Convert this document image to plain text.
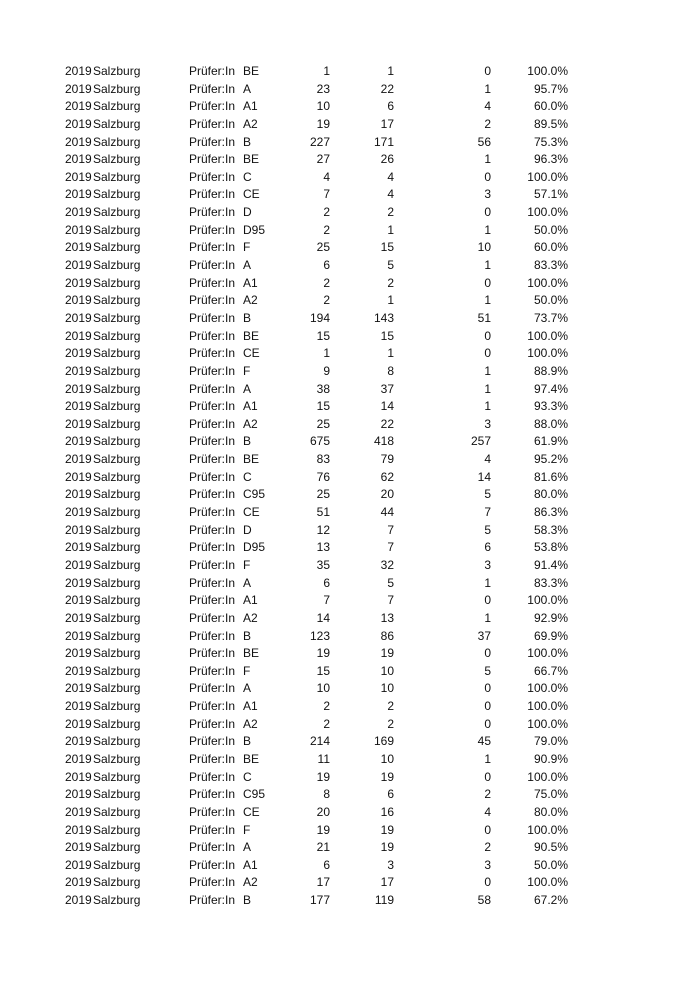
2019 Salzburg	Prüfer:In BE	1	1	0	100.0%
2019 Salzburg	Prüfer:In A	23	22	1	95.7%
2019 Salzburg	Prüfer:In A1	10	6	4	60.0%
2019 Salzburg	Prüfer:In A2	19	17	2	89.5%
2019 Salzburg	Prüfer:In B	227	171	56	75.3%
2019 Salzburg	Prüfer:In BE	27	26	1	96.3%
2019 Salzburg	Prüfer:In C	4	4	0	100.0%
2019 Salzburg	Prüfer:In CE	7	4	3	57.1%
2019 Salzburg	Prüfer:In D	2	2	0	100.0%
2019 Salzburg	Prüfer:In D95	2	1	1	50.0%
2019 Salzburg	Prüfer:In F	25	15	10	60.0%
2019 Salzburg	Prüfer:In A	6	5	1	83.3%
2019 Salzburg	Prüfer:In A1	2	2	0	100.0%
2019 Salzburg	Prüfer:In A2	2	1	1	50.0%
2019 Salzburg	Prüfer:In B	194	143	51	73.7%
2019 Salzburg	Prüfer:In BE	15	15	0	100.0%
2019 Salzburg	Prüfer:In CE	1	1	0	100.0%
2019 Salzburg	Prüfer:In F	9	8	1	88.9%
2019 Salzburg	Prüfer:In A	38	37	1	97.4%
2019 Salzburg	Prüfer:In A1	15	14	1	93.3%
2019 Salzburg	Prüfer:In A2	25	22	3	88.0%
2019 Salzburg	Prüfer:In B	675	418	257	61.9%
2019 Salzburg	Prüfer:In BE	83	79	4	95.2%
2019 Salzburg	Prüfer:In C	76	62	14	81.6%
2019 Salzburg	Prüfer:In C95	25	20	5	80.0%
2019 Salzburg	Prüfer:In CE	51	44	7	86.3%
2019 Salzburg	Prüfer:In D	12	7	5	58.3%
2019 Salzburg	Prüfer:In D95	13	7	6	53.8%
2019 Salzburg	Prüfer:In F	35	32	3	91.4%
2019 Salzburg	Prüfer:In A	6	5	1	83.3%
2019 Salzburg	Prüfer:In A1	7	7	0	100.0%
2019 Salzburg	Prüfer:In A2	14	13	1	92.9%
2019 Salzburg	Prüfer:In B	123	86	37	69.9%
2019 Salzburg	Prüfer:In BE	19	19	0	100.0%
2019 Salzburg	Prüfer:In F	15	10	5	66.7%
2019 Salzburg	Prüfer:In A	10	10	0	100.0%
2019 Salzburg	Prüfer:In A1	2	2	0	100.0%
2019 Salzburg	Prüfer:In A2	2	2	0	100.0%
2019 Salzburg	Prüfer:In B	214	169	45	79.0%
2019 Salzburg	Prüfer:In BE	11	10	1	90.9%
2019 Salzburg	Prüfer:In C	19	19	0	100.0%
2019 Salzburg	Prüfer:In C95	8	6	2	75.0%
2019 Salzburg	Prüfer:In CE	20	16	4	80.0%
2019 Salzburg	Prüfer:In F	19	19	0	100.0%
2019 Salzburg	Prüfer:In A	21	19	2	90.5%
2019 Salzburg	Prüfer:In A1	6	3	3	50.0%
2019 Salzburg	Prüfer:In A2	17	17	0	100.0%
2019 Salzburg	Prüfer:In B	177	119	58	67.2%
